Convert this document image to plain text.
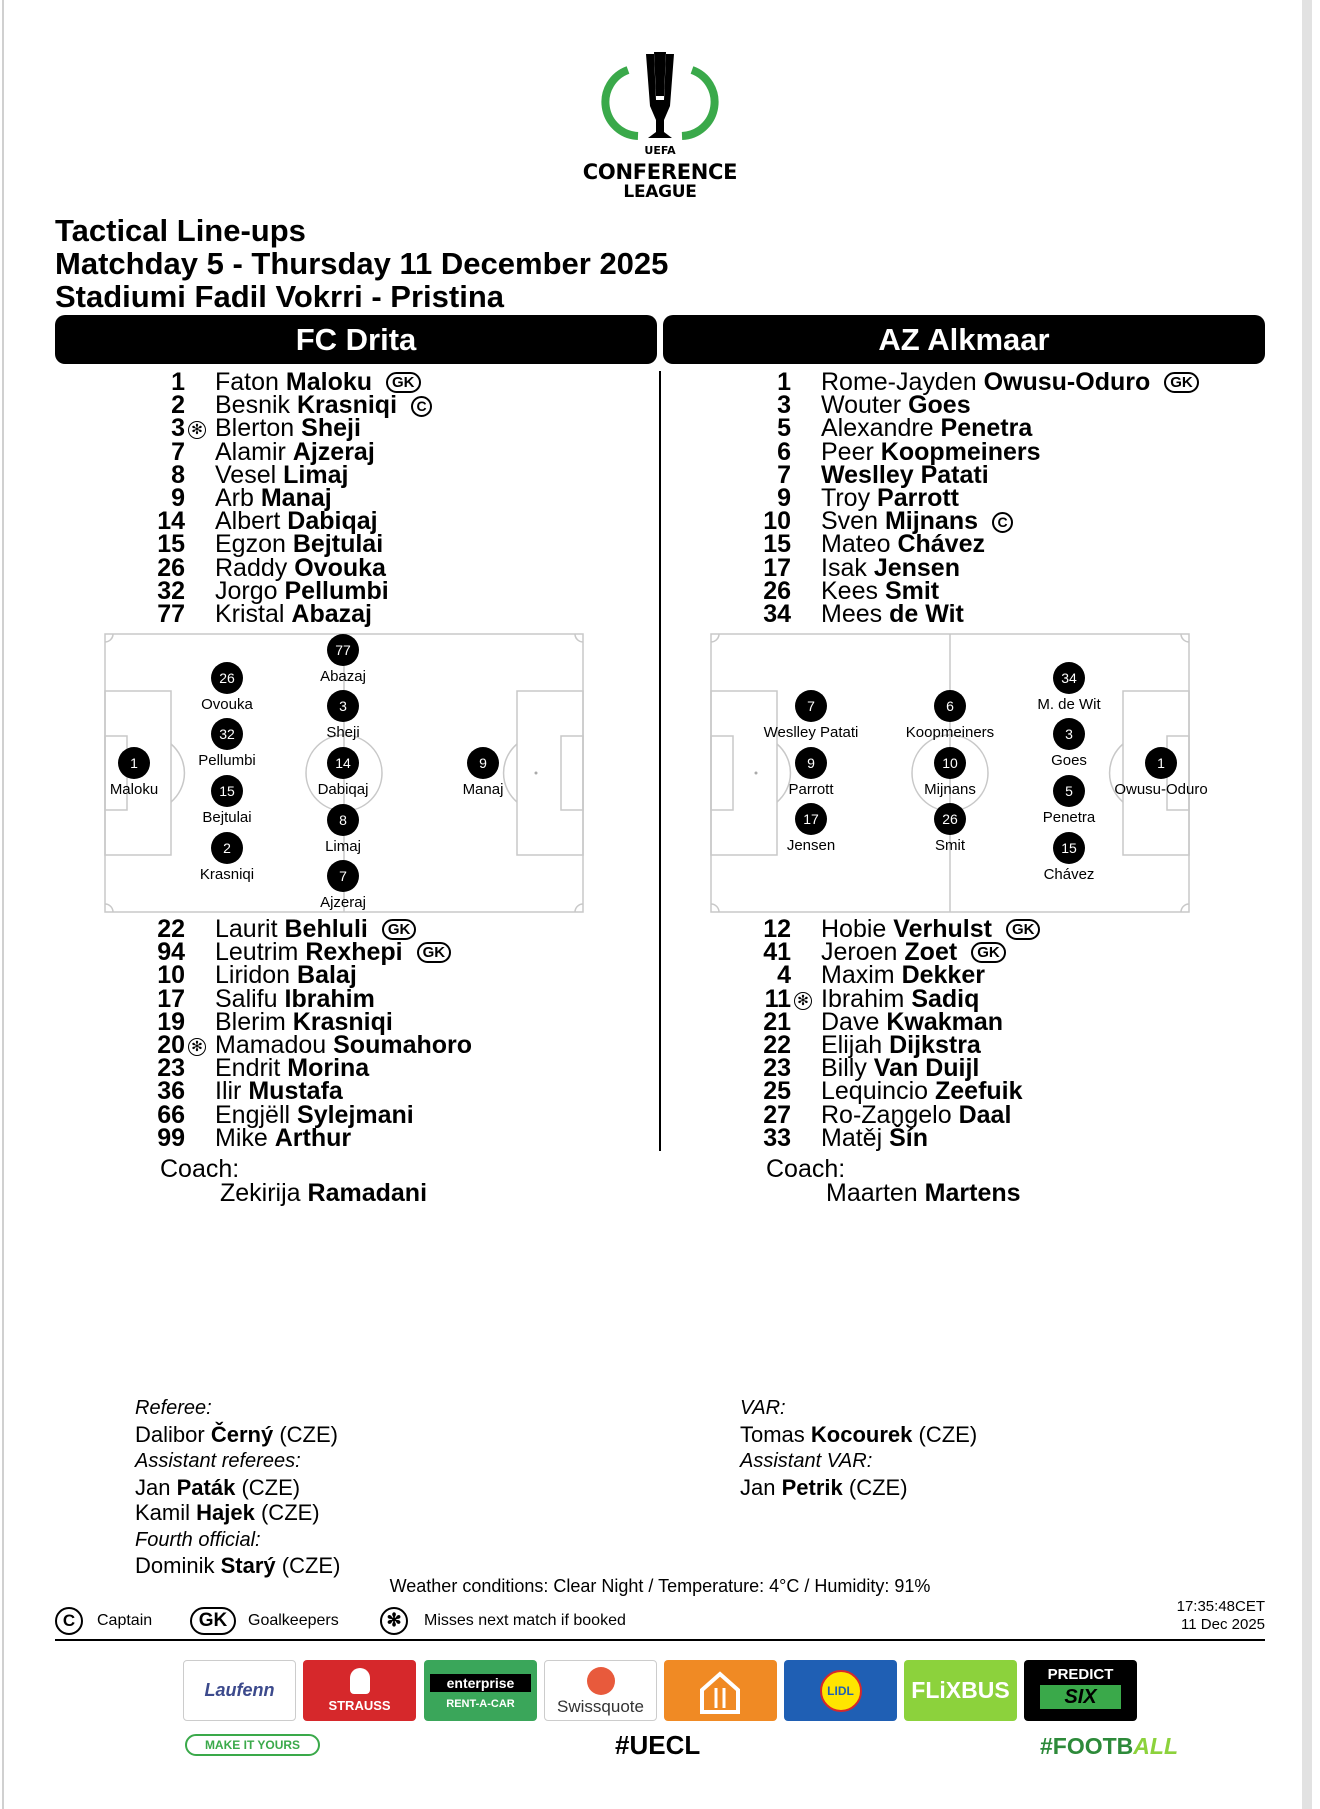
UEFA
CONFERENCE
LEAGUE
Tactical Line-ups
Matchday 5 - Thursday 11 December 2025
Stadiumi Fadil Vokrri - Pristina
FC Drita	AZ Alkmaar
1 Faton Maloku GK
2 Besnik Krasniqi C
3 ✻ Blerton Sheji
7 Alamir Ajzeraj
8 Vesel Limaj
9 Arb Manaj
14 Albert Dabiqaj
15 Egzon Bejtulai
26 Raddy Ovouka
32 Jorgo Pellumbi
77 Kristal Abazaj
1 Rome-Jayden Owusu-Oduro GK
3 Wouter Goes
5 Alexandre Penetra
6 Peer Koopmeiners
7 Weslley Patati
9 Troy Parrott
10 Sven Mijnans C
15 Mateo Chávez
17 Isak Jensen
26 Kees Smit
34 Mees de Wit
1
Maloku
26
Ovouka
32
Pellumbi
15
Bejtulai
2
Krasniqi
77
Abazaj
3
Sheji
14
Dabiqaj
8
Limaj
7
Ajzeraj
9
Manaj
7
Weslley Patati
9
Parrott
17
Jensen
6
Koopmeiners
10
Mijnans
26
Smit
34
M. de Wit
3
Goes
5
Penetra
15
Chávez
1
Owusu-Oduro
22 Laurit Behluli GK
94 Leutrim Rexhepi GK
10 Liridon Balaj
17 Salifu Ibrahim
19 Blerim Krasniqi
20 ✻ Mamadou Soumahoro
23 Endrit Morina
36 Ilir Mustafa
66 Engjëll Sylejmani
99 Mike Arthur
12 Hobie Verhulst GK
41 Jeroen Zoet GK
4 Maxim Dekker
11 ✻ Ibrahim Sadiq
21 Dave Kwakman
22 Elijah Dijkstra
23 Billy Van Duijl
25 Lequincio Zeefuik
27 Ro-Zangelo Daal
33 Matěj Šín
Coach:
Zekirija Ramadani
Coach:
Maarten Martens
Referee:
Dalibor Černý (CZE)
Assistant referees:
Jan Paták (CZE)
Kamil Hajek (CZE)
Fourth official:
Dominik Starý (CZE)
VAR:
Tomas Kocourek (CZE)
Assistant VAR:
Jan Petrik (CZE)
Weather conditions: Clear Night / Temperature: 4°C / Humidity: 91%
C	Captain	GK	Goalkeepers	✻	Misses next match if booked
17:35:48CET
11 Dec 2025
Laufenn
STRAUSS
enterprise
RENT-A-CAR	Swissquote
LIDL	FLiXBUS
PREDICT
SIX
MAKE IT YOURS	#UECL	#FOOTBALL
